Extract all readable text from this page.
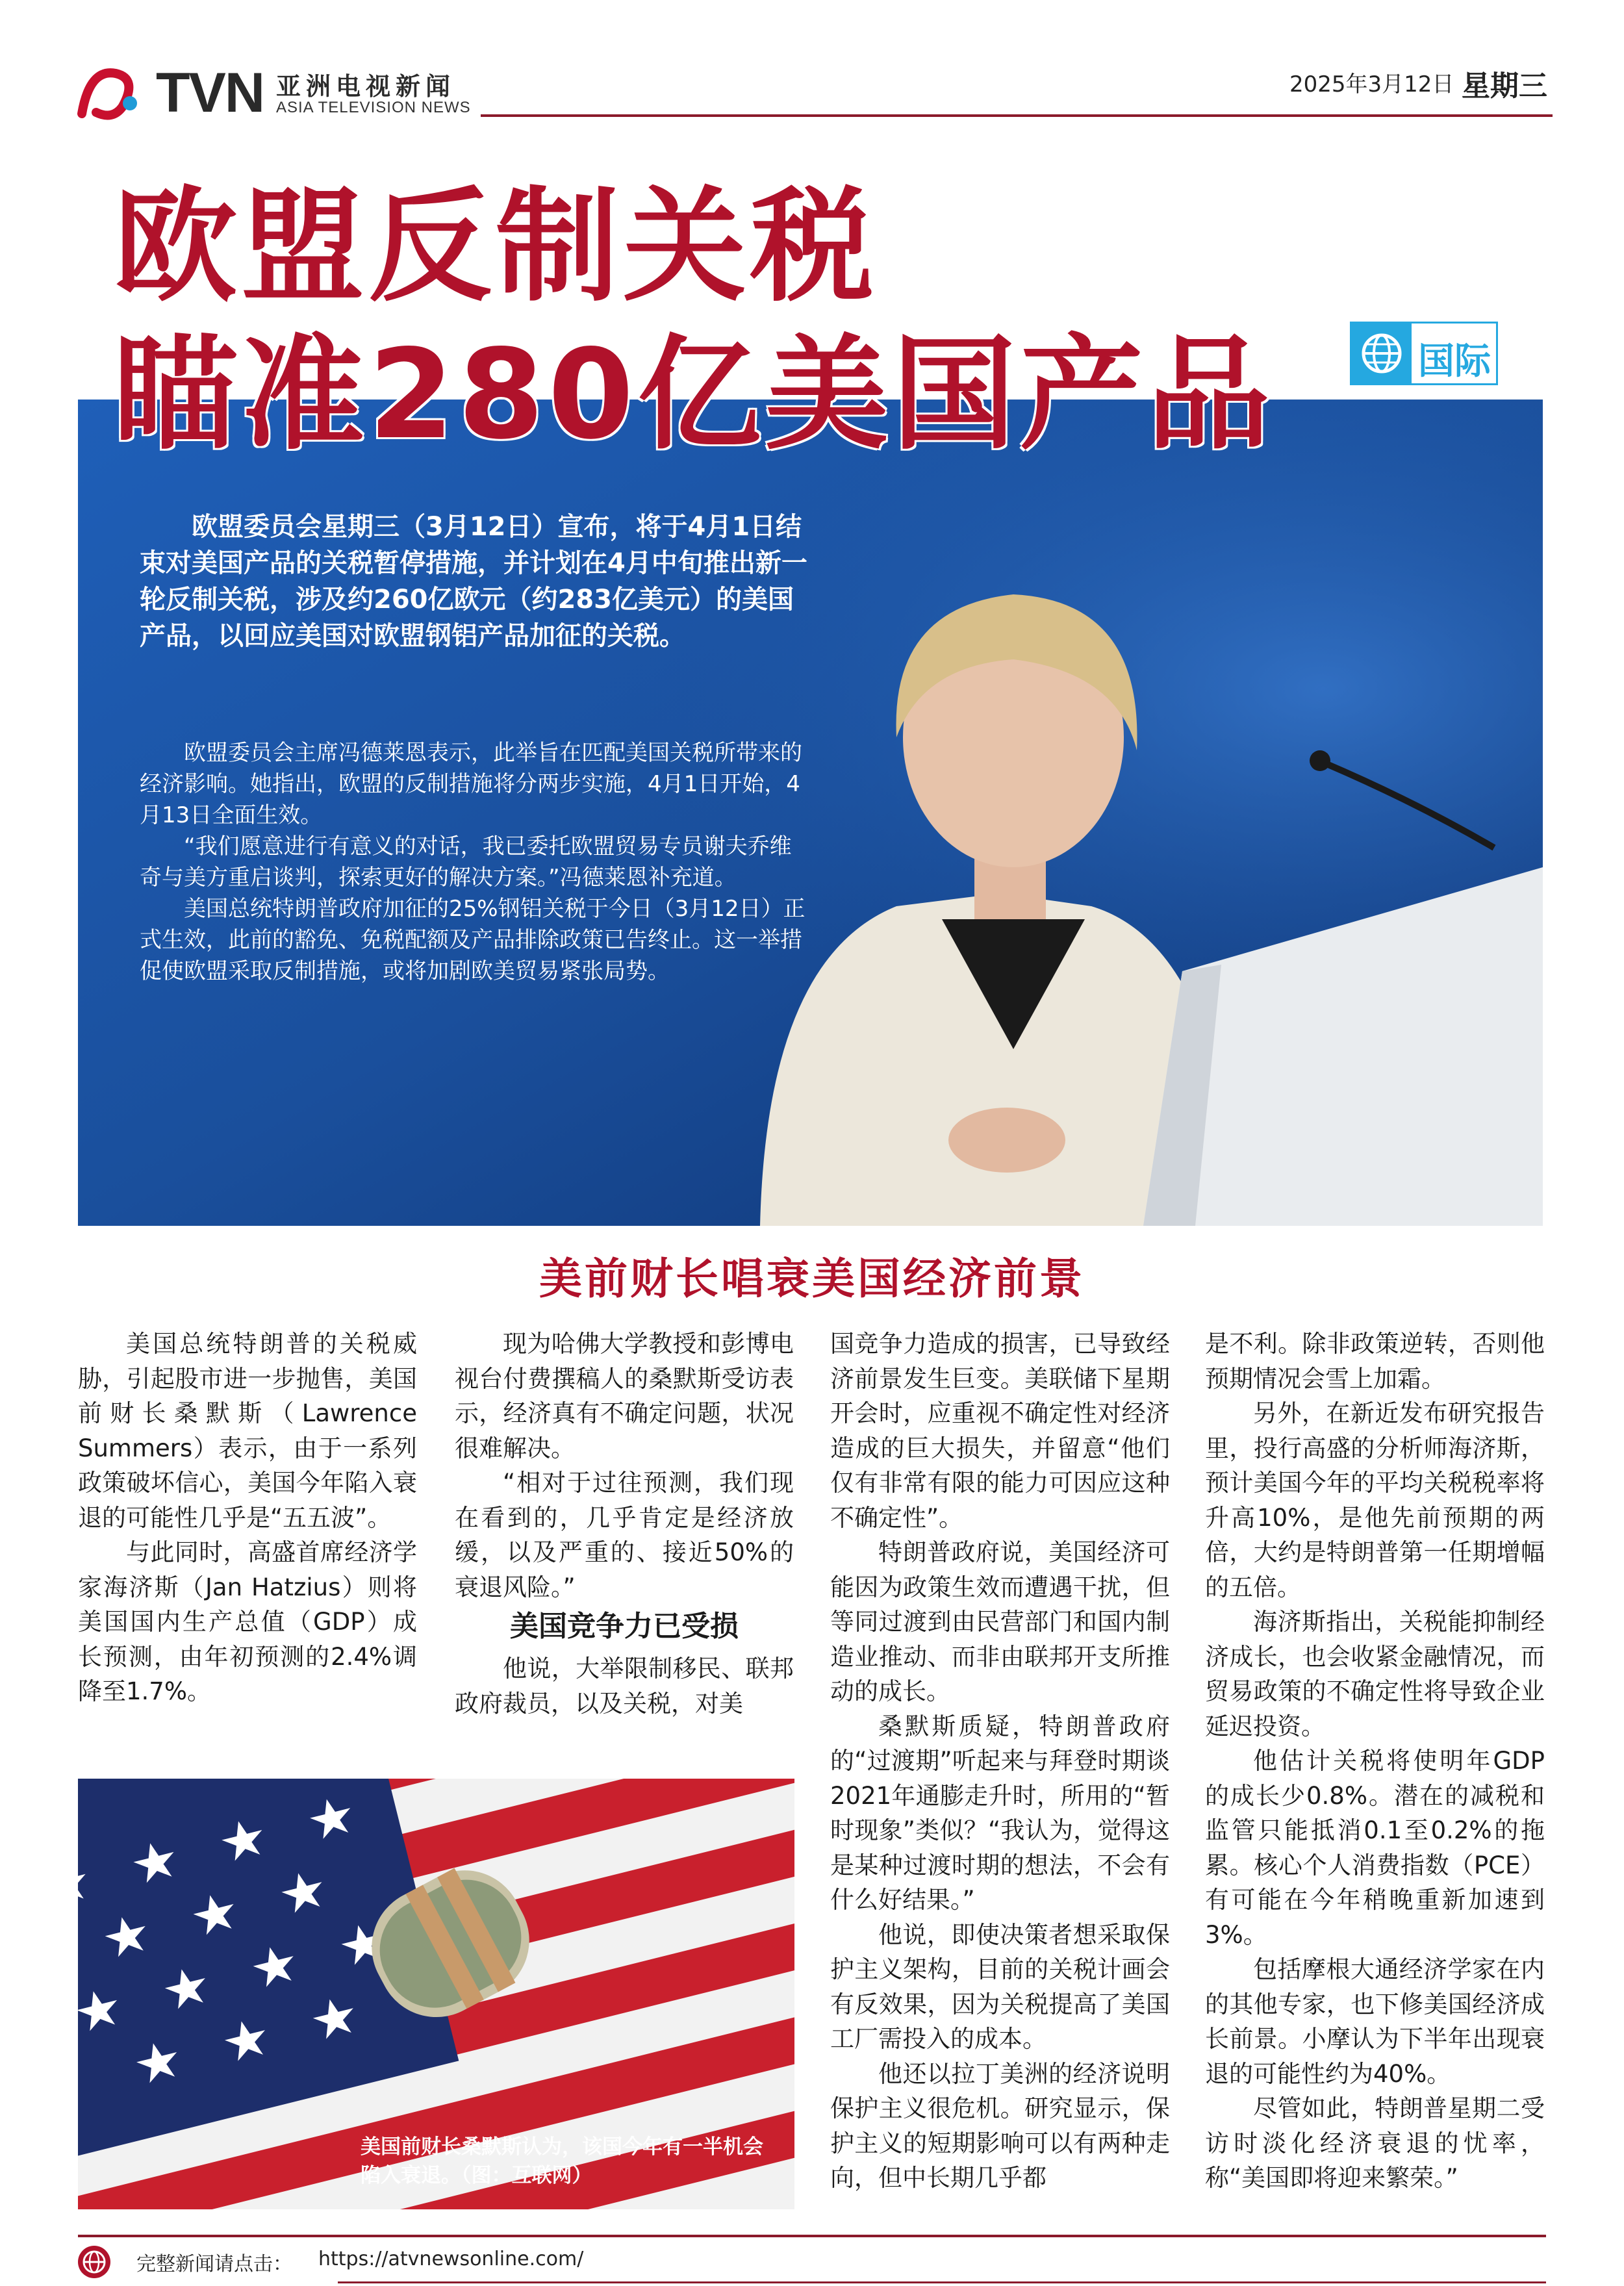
TVN 亚洲电视新闻
ASIA TELEVISION NEWS
2025年3月12日 星期三
欧盟委员会星期三（3月12日）宣布，将于4月1日结束对美国产品的关税暂停措施，并计划在4月中旬推出新一轮反制关税，涉及约260亿欧元（约283亿美元）的美国产品，以回应美国对欧盟钢铝产品加征的关税。
欧盟委员会主席冯德莱恩表示，此举旨在匹配美国关税所带来的经济影响。她指出，欧盟的反制措施将分两步实施，4月1日开始，4月13日全面生效。
“我们愿意进行有意义的对话，我已委托欧盟贸易专员谢夫乔维奇与美方重启谈判，探索更好的解决方案。”冯德莱恩补充道。
美国总统特朗普政府加征的25%钢铝关税于今日（3月12日）正式生效，此前的豁免、免税配额及产品排除政策已告终止。这一举措促使欧盟采取反制措施，或将加剧欧美贸易紧张局势。
欧盟反制关税
瞄准280亿美国产品	国际
美前财长唱衰美国经济前景

美国总统特朗普的关税威胁，引起股市进一步抛售，美国前财长桑默斯（Lawrence Summers）表示，由于一系列政策破坏信心，美国今年陷入衰退的可能性几乎是“五五波”。

与此同时，高盛首席经济学家海济斯（Jan Hatzius）则将美国国内生产总值（GDP）成长预测，由年初预测的2.4%调降至1.7%。

现为哈佛大学教授和彭博电视台付费撰稿人的桑默斯受访表示，经济真有不确定问题，状况很难解决。

“相对于过往预测，我们现在看到的，几乎肯定是经济放缓，以及严重的、接近50%的衰退风险。”

美国竞争力已受损

他说，大举限制移民、联邦政府裁员，以及关税，对美

国竞争力造成的损害，已导致经济前景发生巨变。美联储下星期开会时，应重视不确定性对经济造成的巨大损失，并留意“他们仅有非常有限的能力可因应这种不确定性”。

特朗普政府说，美国经济可能因为政策生效而遭遇干扰，但等同过渡到由民营部门和国内制造业推动、而非由联邦开支所推动的成长。

桑默斯质疑，特朗普政府的“过渡期”听起来与拜登时期谈2021年通膨走升时，所用的“暂时现象”类似？“我认为，觉得这是某种过渡时期的想法，不会有什么好结果。”

他说，即使决策者想采取保护主义架构，目前的关税计画会有反效果，因为关税提高了美国工厂需投入的成本。

他还以拉丁美洲的经济说明保护主义很危机。研究显示，保护主义的短期影响可以有两种走向，但中长期几乎都

是不利。除非政策逆转，否则他预期情况会雪上加霜。

另外，在新近发布研究报告里，投行高盛的分析师海济斯，预计美国今年的平均关税税率将升高10%，是他先前预期的两倍，大约是特朗普第一任期增幅的五倍。

海济斯指出，关税能抑制经济成长，也会收紧金融情况，而贸易政策的不确定性将导致企业延迟投资。

他估计关税将使明年GDP的成长少0.8%。潜在的减税和监管只能抵消0.1至0.2%的拖累。核心个人消费指数（PCE）有可能在今年稍晚重新加速到3%。

包括摩根大通经济学家在内的其他专家，也下修美国经济成长前景。小摩认为下半年出现衰退的可能性约为40%。

尽管如此，特朗普星期二受访时淡化经济衰退的忧率，称“美国即将迎来繁荣。”

美国前财长桑默斯认为，该国今年有一半机会陷入衰退。（图：互联网）
完整新闻请点击： https://atvnewsonline.com/
